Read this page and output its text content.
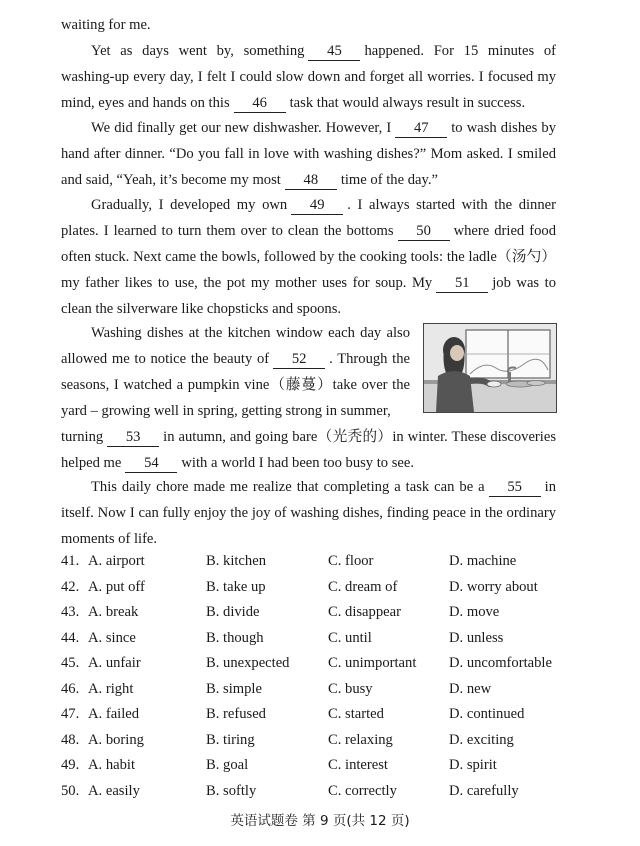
waiting for me.
Yet as days went by, something 45 happened. For 15 minutes of washing-up every day, I felt I could slow down and forget all worries. I focused my mind, eyes and hands on this 46 task that would always result in success.
We did finally get our new dishwasher. However, I 47 to wash dishes by hand after dinner. “Do you fall in love with washing dishes?” Mom asked. I smiled and said, “Yeah, it’s become my most 48 time of the day.”
Gradually, I developed my own 49 . I always started with the dinner plates. I learned to turn them over to clean the bottoms 50 where dried food often stuck. Next came the bowls, followed by the cooking tools: the ladle（汤勺）my father likes to use, the pot my mother uses for soup. My 51 job was to clean the silverware like chopsticks and spoons.
Washing dishes at the kitchen window each day also allowed me to notice the beauty of 52 . Through the seasons, I watched a pumpkin vine（藤蔓）take over the yard – growing well in spring, getting strong in summer,
turning 53 in autumn, and going bare（光秃的）in winter. These discoveries helped me 54 with a world I had been too busy to see.
This daily chore made me realize that completing a task can be a 55 in itself. Now I can fully enjoy the joy of washing dishes, finding peace in the ordinary moments of life.
41. A. airport	B. kitchen	C. floor	D. machine
42. A. put off	B. take up	C. dream of	D. worry about
43. A. break	B. divide	C. disappear	D. move
44. A. since	B. though	C. until	D. unless
45. A. unfair	B. unexpected	C. unimportant D. uncomfortable
46. A. right	B. simple	C. busy	D. new
47. A. failed	B. refused	C. started	D. continued
48. A. boring	B. tiring	C. relaxing	D. exciting
49. A. habit	B. goal	C. interest	D. spirit
50. A. easily	B. softly	C. correctly	D. carefully
英语试题卷 第 9 页(共 12 页)
